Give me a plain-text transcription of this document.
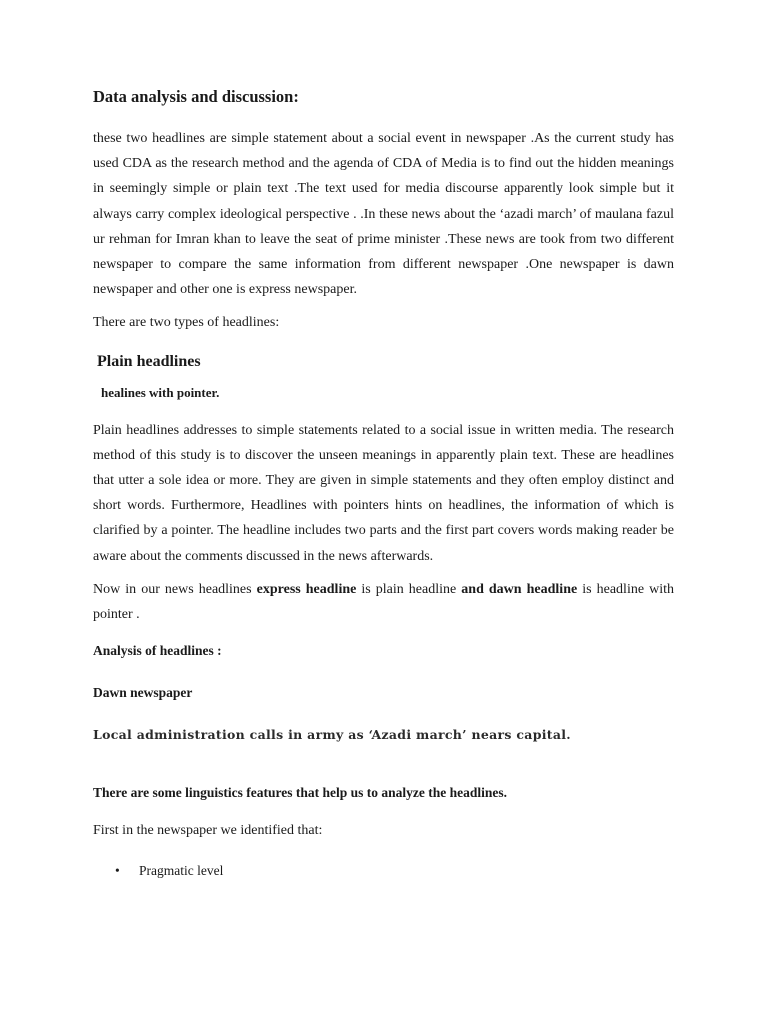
Data analysis and discussion:

these two headlines are simple statement about a social event in newspaper .As the current study has used CDA as the research method and the agenda of CDA of Media is to find out the hidden meanings in seemingly simple or plain text .The text used for media discourse apparently look simple but it always carry complex ideological perspective . .In these news about the ‘azadi march’ of maulana fazul ur rehman for Imran khan to leave the seat of prime minister .These news are took from two different newspaper to compare the same information from different newspaper .One newspaper is dawn newspaper and other one is express newspaper.

There are two types of headlines:

Plain headlines
healines with pointer.

Plain headlines addresses to simple statements related to a social issue in written media. The research method of this study is to discover the unseen meanings in apparently plain text. These are headlines that utter a sole idea or more. They are given in simple statements and they often employ distinct and short words. Furthermore, Headlines with pointers hints on headlines, the information of which is clarified by a pointer. The headline includes two parts and the first part covers words making reader be aware about the comments discussed in the news afterwards.

Now in our news headlines express headline is plain headline and dawn headline is headline with pointer .

Analysis of headlines :
Dawn newspaper
Local administration calls in army as ‘Azadi march’ nears capital.
There are some linguistics features that help us to analyze the headlines.
First in the newspaper we identified that:
• Pragmatic level
